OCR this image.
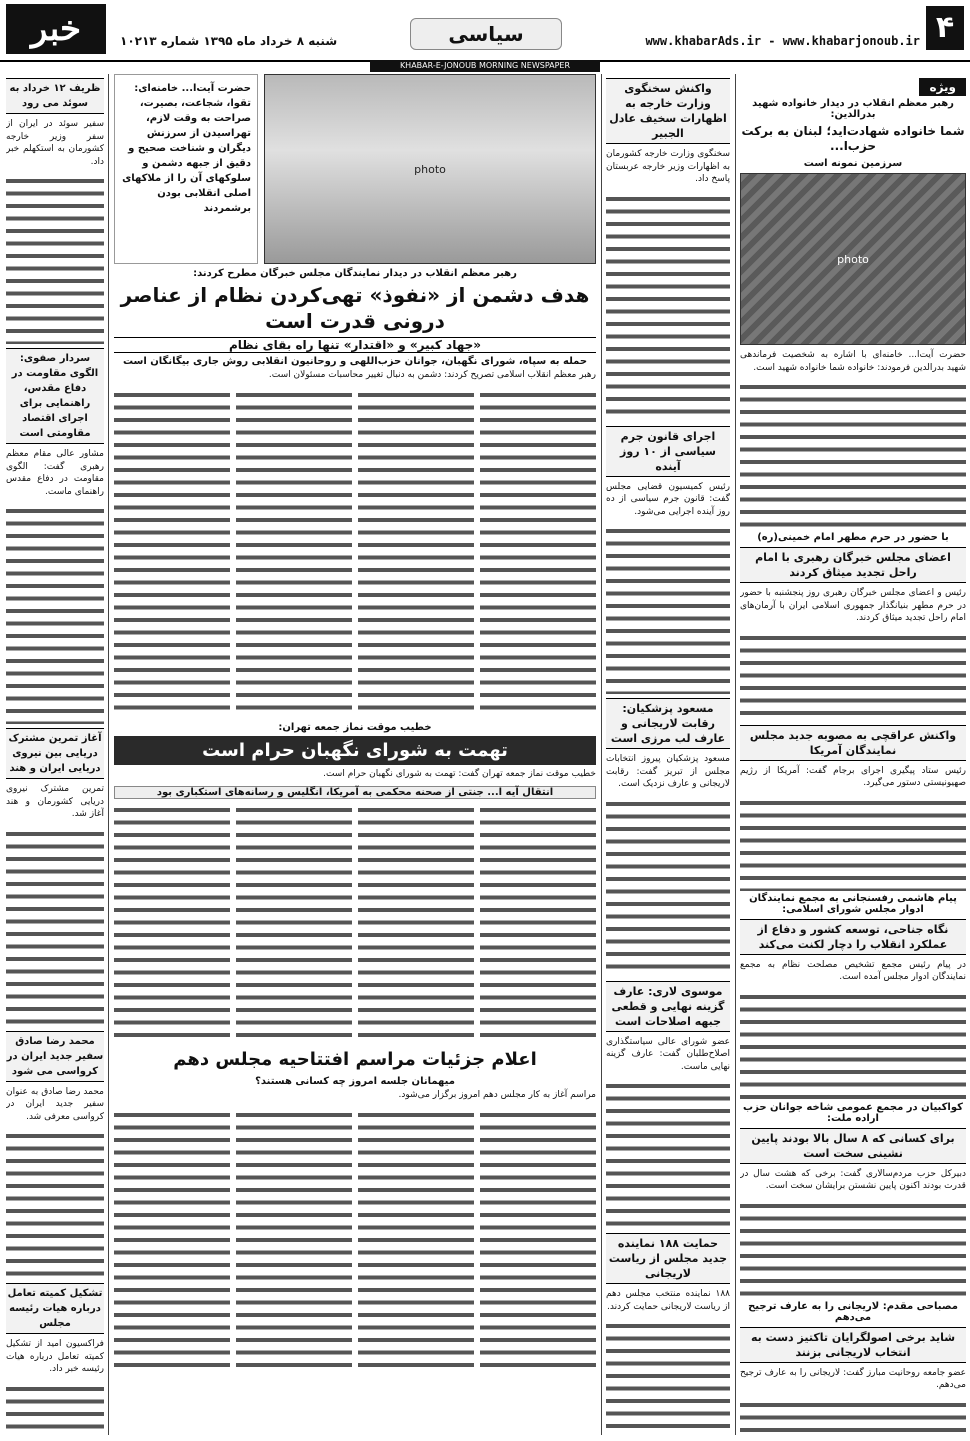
۴
www.khabarAds.ir - www.khabarjonoub.ir
سیاسی
شنبه ۸ خرداد ماه ۱۳۹۵ شماره ۱۰۲۱۳
خبر
KHABAR-E-JONOUB MORNING NEWSPAPER
ویژه
رهبر معظم انقلاب در دیدار خانواده شهید بدرالدین:
شما خانواده شهادت‌اید؛ لبنان به برکت حزب‌ا...
سرزمین نمونه است
photo
حضرت آیت‌ا... خامنه‌ای با اشاره به شخصیت فرماندهی شهید بدرالدین فرمودند: خانواده شما خانواده شهید است.
با حضور در حرم مطهر امام خمینی(ره)
اعضای مجلس خبرگان رهبری با امام راحل تجدید میثاق کردند
رئیس و اعضای مجلس خبرگان رهبری روز پنجشنبه با حضور در حرم مطهر بنیانگذار جمهوری اسلامی ایران با آرمان‌های امام راحل تجدید میثاق کردند.
واکنش عراقچی به مصوبه جدید مجلس نمایندگان آمریکا
رئیس ستاد پیگیری اجرای برجام گفت: آمریکا از رژیم صهیونیستی دستور می‌گیرد.
پیام هاشمی رفسنجانی به مجمع نمایندگان ادوار مجلس شورای اسلامی:
نگاه جناحی، توسعه کشور و دفاع از عملکرد انقلاب را دچار لکنت می‌کند
در پیام رئیس مجمع تشخیص مصلحت نظام به مجمع نمایندگان ادوار مجلس آمده است.
کواکبیان در مجمع عمومی شاخه جوانان حزب اراده ملت:
برای کسانی که ۸ سال بالا بودند پایین نشینی سخت است
دبیرکل حزب مردم‌سالاری گفت: برخی که هشت سال در قدرت بودند اکنون پایین نشستن برایشان سخت است.
مصباحی مقدم: لاریجانی را به عارف ترجیح می‌دهم
شاید برخی اصولگرایان تاکتیز دست به انتخاب لاریجانی بزنند
عضو جامعه روحانیت مبارز گفت: لاریجانی را به عارف ترجیح می‌دهم.
واکنش سخنگوی وزارت خارجه به اظهارات سخیف عادل الجبیر
سخنگوی وزارت خارجه کشورمان به اظهارات وزیر خارجه عربستان پاسخ داد.
اجرای قانون جرم سیاسی از ۱۰ روز آینده
رئیس کمیسیون قضایی مجلس گفت: قانون جرم سیاسی از ده روز آینده اجرایی می‌شود.
مسعود پزشکیان: رقابت لاریجانی و عارف لب مرزی است
مسعود پزشکیان پیروز انتخابات مجلس از تبریز گفت: رقابت لاریجانی و عارف نزدیک است.
موسوی لاری: عارف گزینه نهایی و قطعی جبهه اصلاحات است
عضو شورای عالی سیاستگذاری اصلاح‌طلبان گفت: عارف گزینه نهایی ماست.
حمایت ۱۸۸ نماینده جدید مجلس از ریاست لاریجانی
۱۸۸ نماینده منتخب مجلس دهم از ریاست لاریجانی حمایت کردند.
photo
حضرت آیت‌ا... خامنه‌ای: تقوا، شجاعت، بصیرت، صراحت به وقت لازم، تهراسیدن از سرزنش دیگران و شناخت صحیح و دقیق از جبهه دشمن و سلوکهای آن را از ملاکهای اصلی انقلابی بودن برشمردند
رهبر معظم انقلاب در دیدار نمایندگان مجلس خبرگان مطرح کردند:
هدف دشمن از «نفوذ» تهی‌کردن نظام از عناصر درونی قدرت است
«جهاد کبیر» و «اقتدار» تنها راه بقای نظام
حمله به سپاه، شورای نگهبان، جوانان حزب‌اللهی و روحانیون انقلابی روش جاری بیگانگان است
رهبر معظم انقلاب اسلامی تصریح کردند: دشمن به دنبال تغییر محاسبات مسئولان است.
خطیب موقت نماز جمعه تهران:
تهمت به شورای نگهبان حرام است
خطیب موقت نماز جمعه تهران گفت: تهمت به شورای نگهبان حرام است.
انتقال آیه ا... جنتی از صحنه محکمی به آمریکا، انگلیس و رسانه‌های استکباری بود
اعلام جزئیات مراسم افتتاحیه مجلس دهم
میهمانان جلسه امروز چه کسانی هستند؟
مراسم آغاز به کار مجلس دهم امروز برگزار می‌شود.
ظریف ۱۲ خرداد به سوئد می رود
سفیر سوئد در ایران از سفر وزیر خارجه کشورمان به استکهلم خبر داد.
سردار صفوی: الگوی مقاومت در دفاع مقدس، راهنمایی برای اجرای اقتصاد مقاومتی است
مشاور عالی مقام معظم رهبری گفت: الگوی مقاومت در دفاع مقدس راهنمای ماست.
آغاز تمرین مشترک دریایی بین نیروی دریایی ایران و هند
تمرین مشترک نیروی دریایی کشورمان و هند آغاز شد.
محمد رضا صادق سفیر جدید ایران در کرواسی می شود
محمد رضا صادق به عنوان سفیر جدید ایران در کرواسی معرفی شد.
تشکیل کمیته تعامل درباره هیات رئیسه مجلس
فراکسیون امید از تشکیل کمیته تعامل درباره هیات رئیسه خبر داد.
